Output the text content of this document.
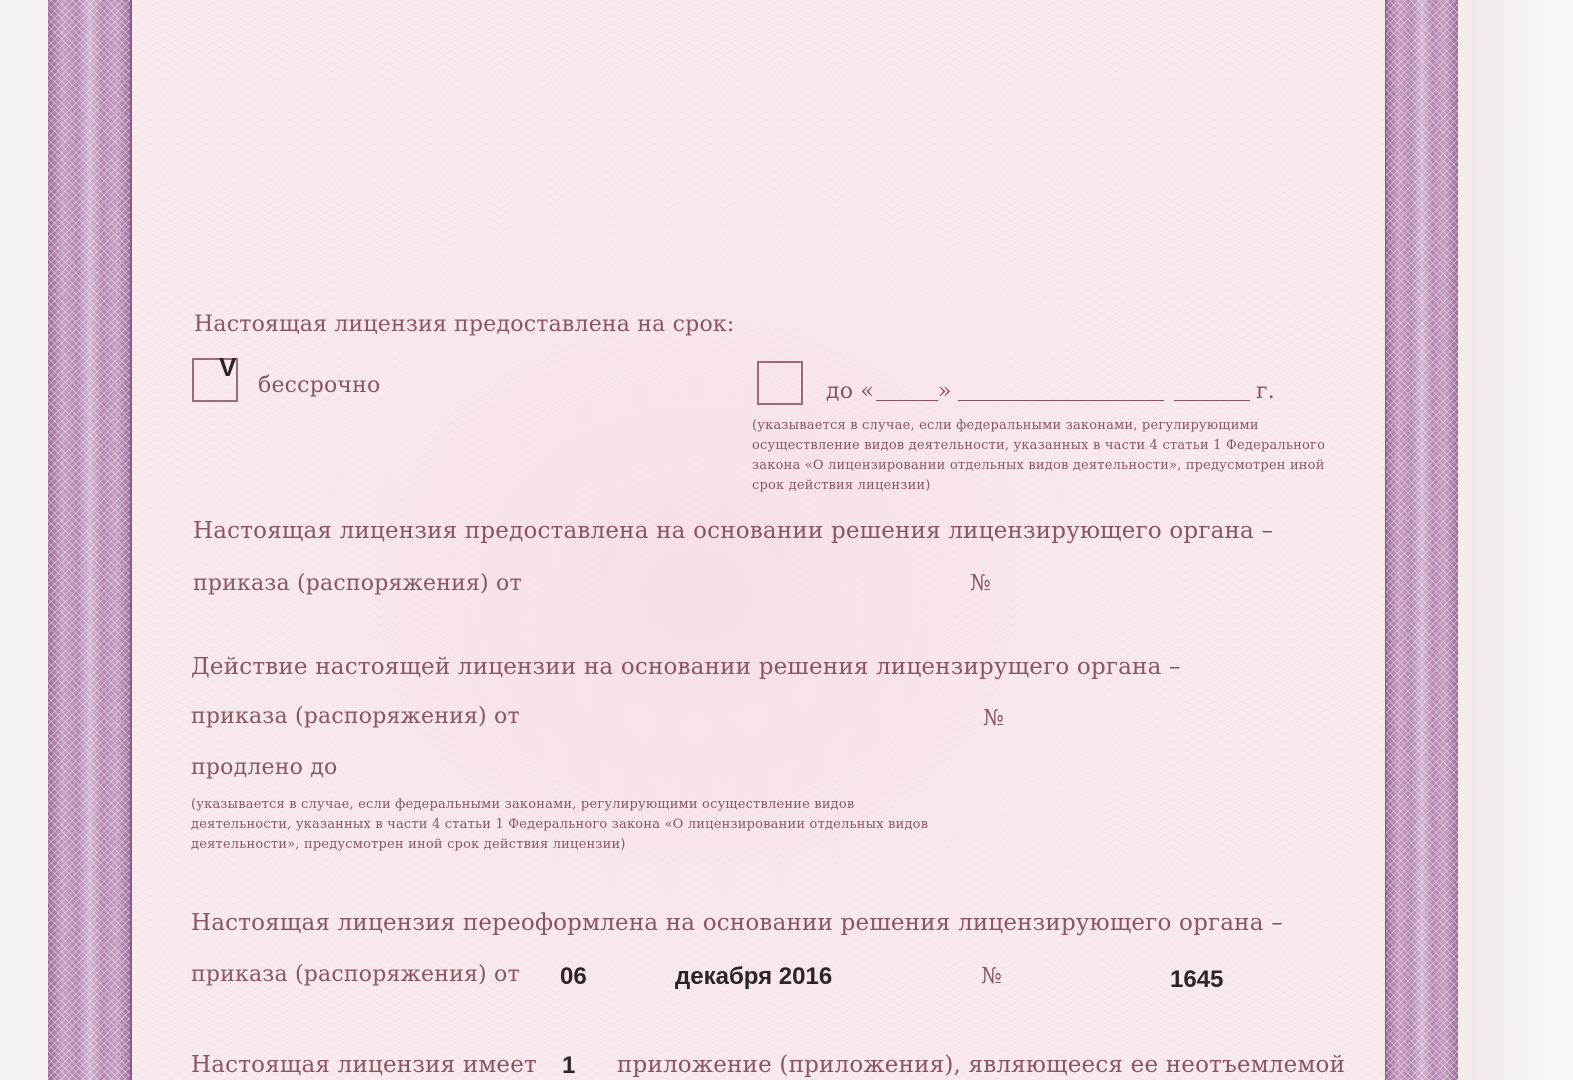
Настоящая лицензия предоставлена на срок:
V
бессрочно	до «	»	г.
(указывается в случае, если федеральными законами, регулирующими осуществление видов деятельности, указанных в части 4 статьи 1 Федерального закона «О лицензировании отдельных видов деятельности», предусмотрен иной срок действия лицензии)
Настоящая лицензия предоставлена на основании решения лицензирующего органа –
приказа (распоряжения) от	№
Действие настоящей лицензии на основании решения лицензирущего органа –
приказа (распоряжения) от	№
продлено до
(указывается в случае, если федеральными законами, регулирующими осуществление видов деятельности, указанных в части 4 статьи 1 Федерального закона «О лицензировании отдельных видов деятельности», предусмотрен иной срок действия лицензии)
Настоящая лицензия переоформлена на основании решения лицензирующего органа –
приказа (распоряжения) от 06	декабря 2016	№	1645
Настоящая лицензия имеет 1 приложение (приложения), являющееся ее неотъемлемой
